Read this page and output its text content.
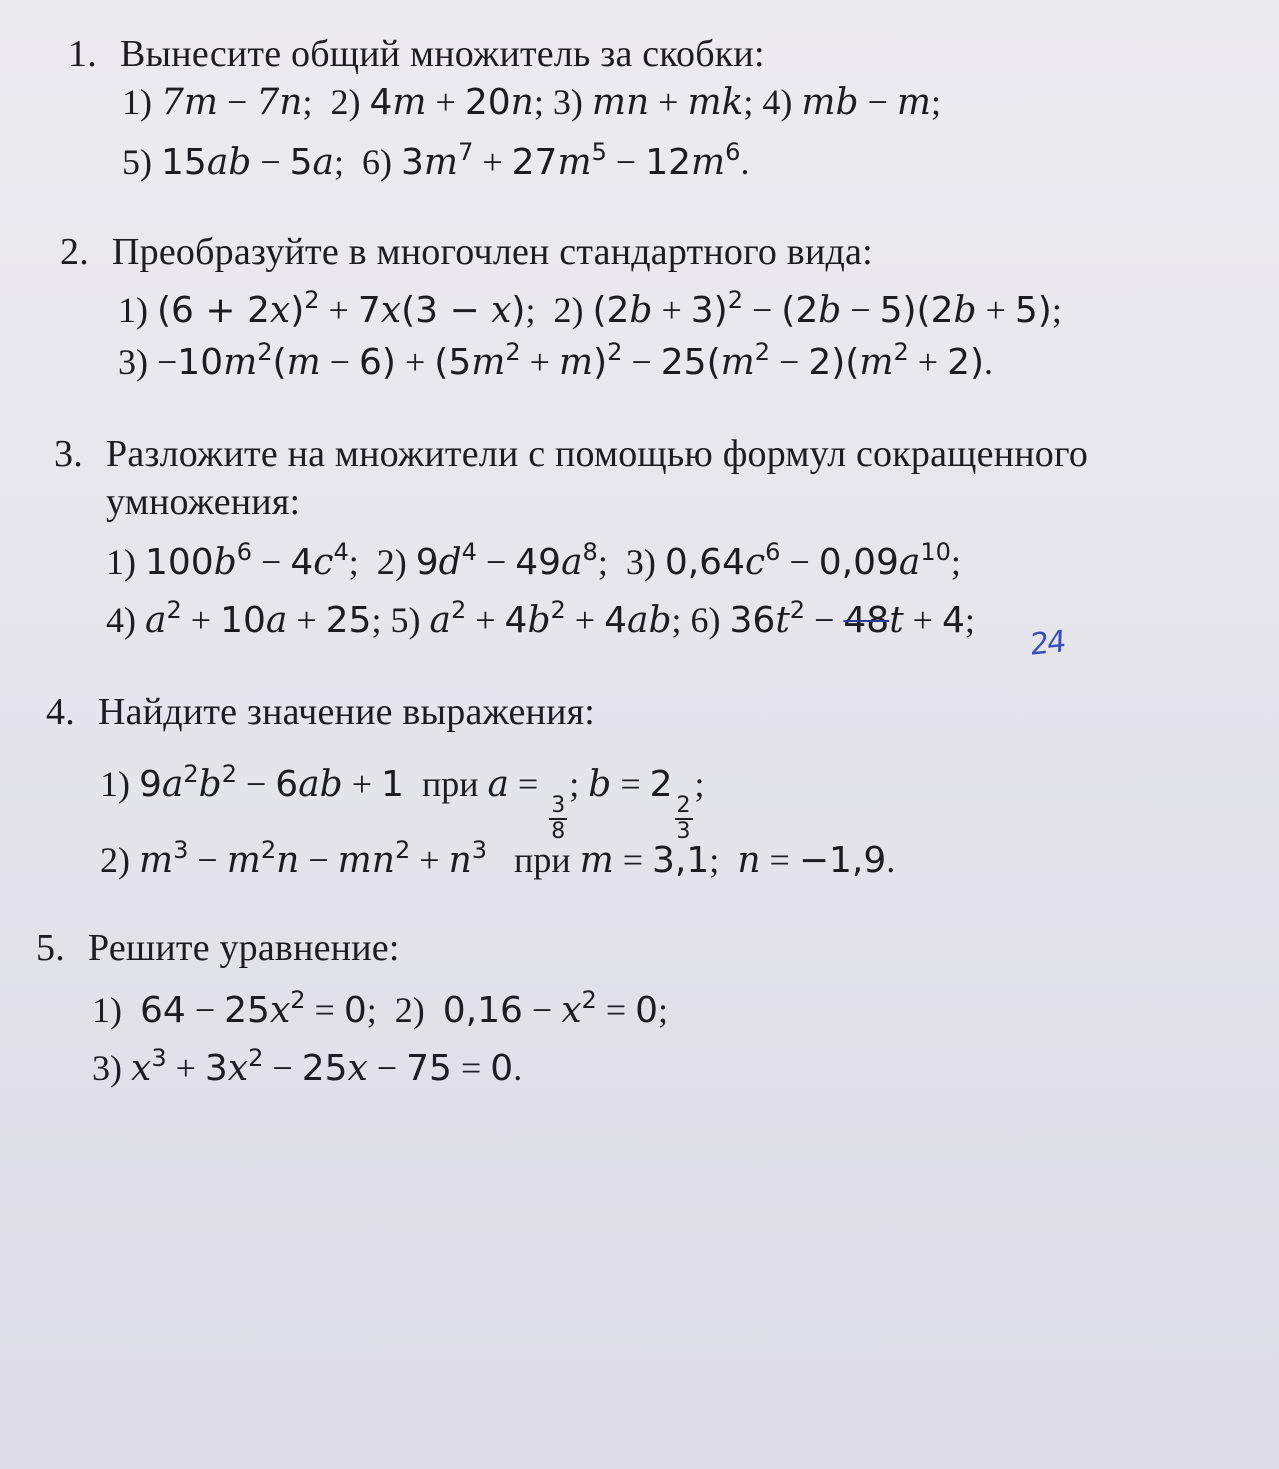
1. Вынесите общий множитель за скобки:
1) 7m − 7n;  2) 4m + 20n; 3) mn + mk; 4) mb − m;
5) 15ab − 5a;  6) $3m^7 + 27m^5 - 12m^6$.
2. Преобразуйте в многочлен стандартного вида:
1) $(6 + 2x)^2 + 7x(3 - x)$;  2) $(2b + 3)^2 - (2b - 5)(2b + 5)$;
$3) -10m^2(m - 6) + (5m^2 + m)^2 - 25(m^2 - 2)(m^2 + 2)$.
3. Разложите на множители с помощью формул сокращенного
умножения:
1) $100b^6 - 4c^4$;  2) $9d^4 - 49a^8$;  3) $0,64c^6 - 0,09a^{10}$;
4) $a^2 + 10a + 25$; 5) $a^2 + 4b^2 + 4ab$; 6) $36t^2 - 48t + 4$;
24
4. Найдите значение выражения:
1) $9a^2b^2 - 6ab + 1$  при a =
$\frac{3}{8}$
; b = 2
$\frac{2}{3}$
;
2) $m^3 - m^2n - mn^2 + n^3$   при m = 3,1;  n = −1,9.
5. Решите уравнение:
1)  $64 - 25x^2 = 0$;  2)  $0,16 - x^2 = 0$;
3) $x^3 + 3x^2 - 25x - 75 = 0$.
